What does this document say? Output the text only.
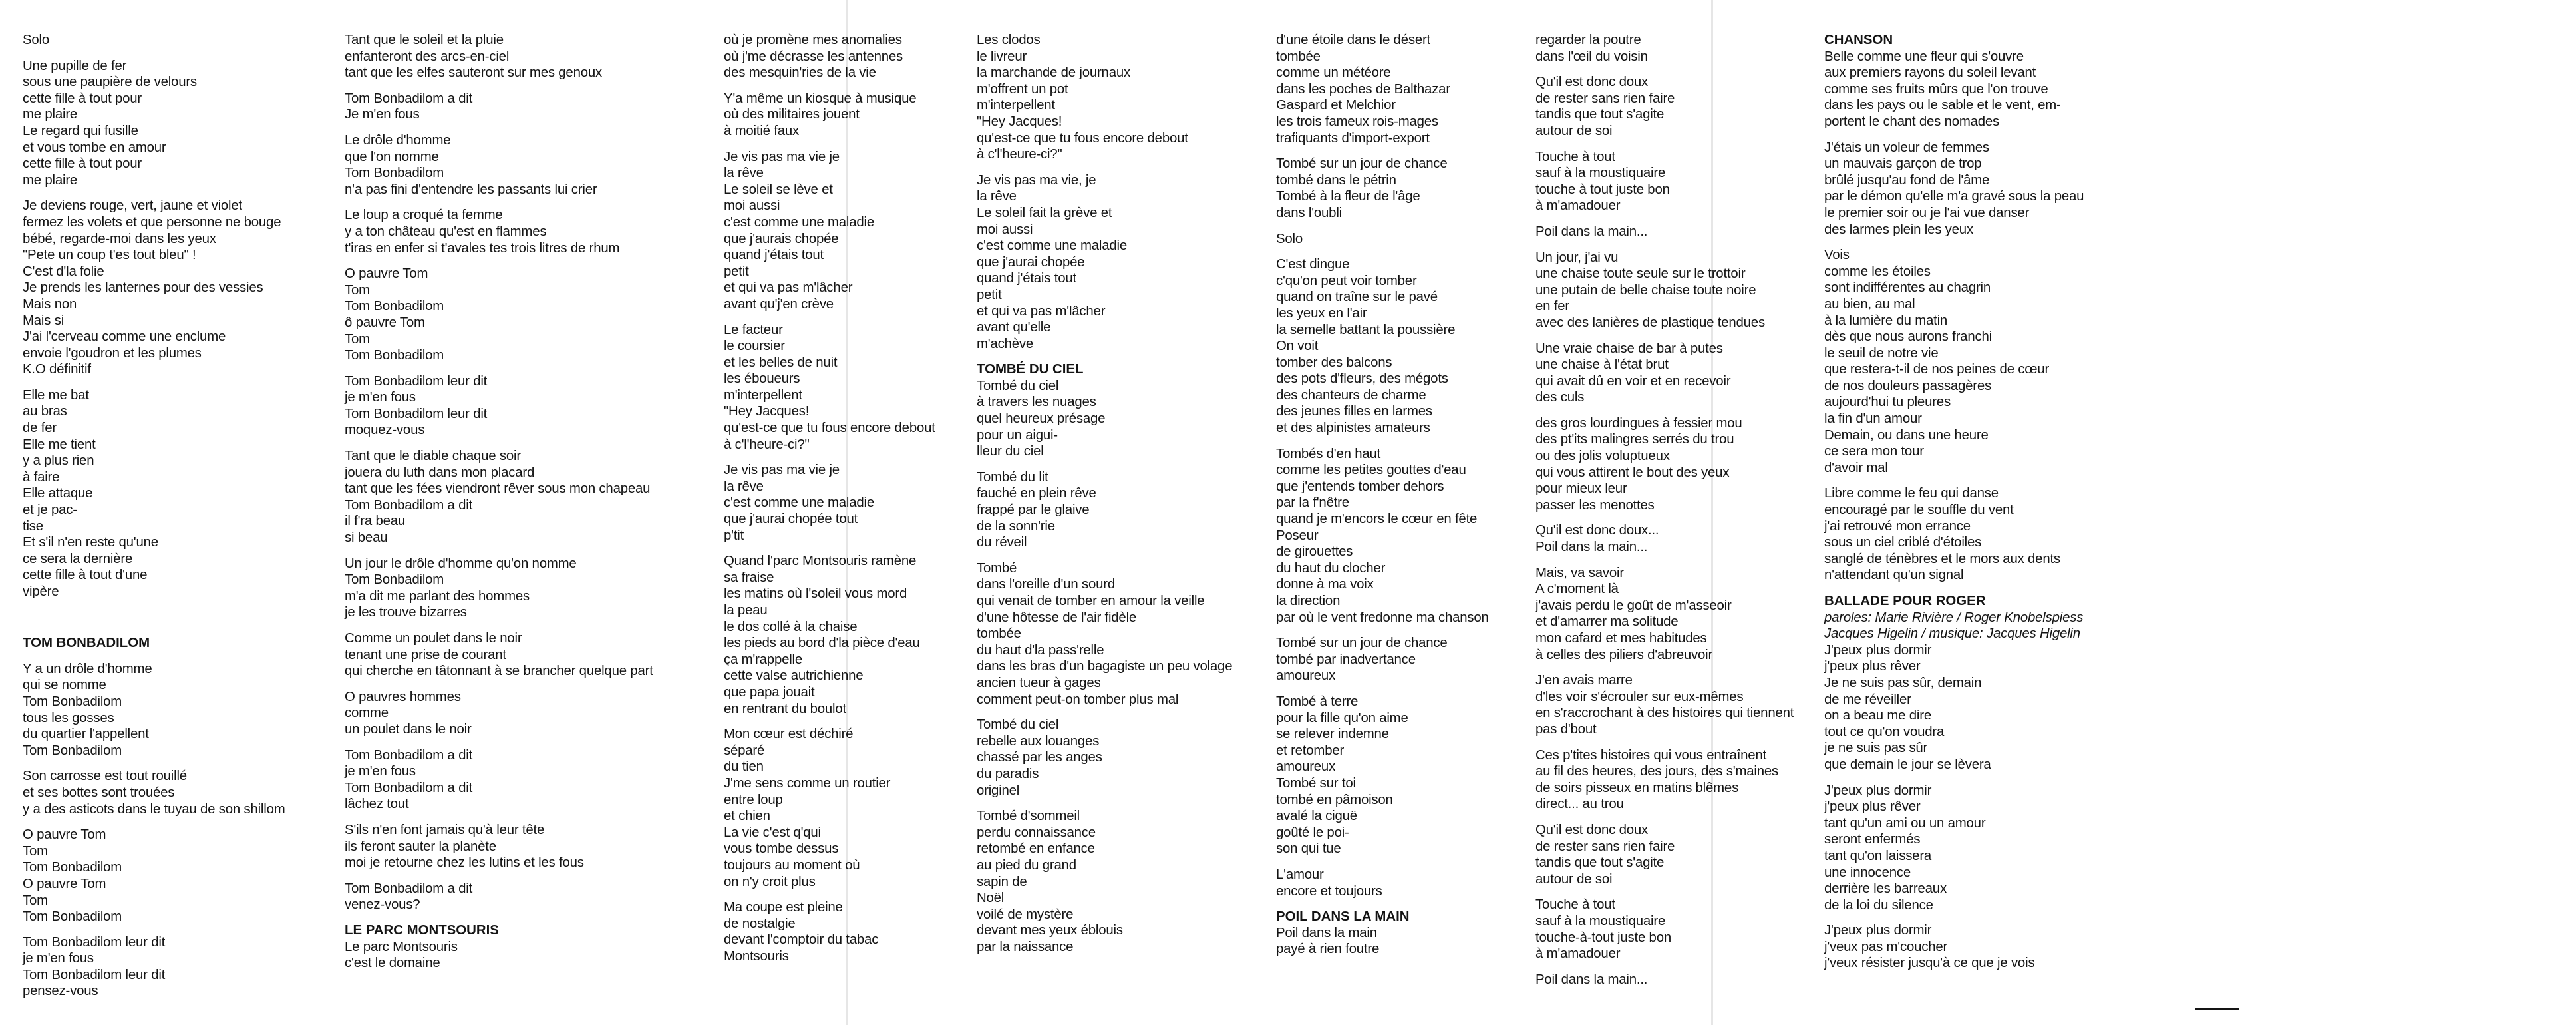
Solo
Une pupille de fer
sous une paupière de velours
cette fille à tout pour
me plaire
Le regard qui fusille
et vous tombe en amour
cette fille à tout pour
me plaire
Je deviens rouge, vert, jaune et violet
fermez les volets et que personne ne bouge
bébé, regarde-moi dans les yeux
"Pete un coup t'es tout bleu" !
C'est d'la folie
Je prends les lanternes pour des vessies
Mais non
Mais si
J'ai l'cerveau comme une enclume
envoie l'goudron et les plumes
K.O définitif
Elle me bat
au bras
de fer
Elle me tient
y a plus rien
à faire
Elle attaque
et je pac-
tise
Et s'il n'en reste qu'une
ce sera la dernière
cette fille à tout d'une
vipère
TOM BONBADILOM
Y a un drôle d'homme
qui se nomme
Tom Bonbadilom
tous les gosses
du quartier l'appellent
Tom Bonbadilom
Son carrosse est tout rouillé
et ses bottes sont trouées
y a des asticots dans le tuyau de son shillom
O pauvre Tom
Tom
Tom Bonbadilom
O pauvre Tom
Tom
Tom Bonbadilom
Tom Bonbadilom leur dit
je m'en fous
Tom Bonbadilom leur dit
pensez-vous
Tant que le soleil et la pluie
enfanteront des arcs-en-ciel
tant que les elfes sauteront sur mes genoux
Tom Bonbadilom a dit
Je m'en fous
Le drôle d'homme
que l'on nomme
Tom Bonbadilom
n'a pas fini d'entendre les passants lui crier
Le loup a croqué ta femme
y a ton château qu'est en flammes
t'iras en enfer si t'avales tes trois litres de rhum
O pauvre Tom
Tom
Tom Bonbadilom
ô pauvre Tom
Tom
Tom Bonbadilom
Tom Bonbadilom leur dit
je m'en fous
Tom Bonbadilom leur dit
moquez-vous
Tant que le diable chaque soir
jouera du luth dans mon placard
tant que les fées viendront rêver sous mon chapeau
Tom Bonbadilom a dit
il f'ra beau
si beau
Un jour le drôle d'homme qu'on nomme
Tom Bonbadilom
m'a dit me parlant des hommes
je les trouve bizarres
Comme un poulet dans le noir
tenant une prise de courant
qui cherche en tâtonnant à se brancher quelque part
O pauvres hommes
comme
un poulet dans le noir
Tom Bonbadilom a dit
je m'en fous
Tom Bonbadilom a dit
lâchez tout
S'ils n'en font jamais qu'à leur tête
ils feront sauter la planète
moi je retourne chez les lutins et les fous
Tom Bonbadilom a dit
venez-vous?
LE PARC MONTSOURIS
Le parc Montsouris
c'est le domaine
où je promène mes anomalies
où j'me décrasse les antennes
des mesquin'ries de la vie
Y'a même un kiosque à musique
où des militaires jouent
à moitié faux
Je vis pas ma vie je
la rêve
Le soleil se lève et
moi aussi
c'est comme une maladie
que j'aurais chopée
quand j'étais tout
petit
et qui va pas m'lâcher
avant qu'j'en crève
Le facteur
le coursier
et les belles de nuit
les éboueurs
m'interpellent
"Hey Jacques!
qu'est-ce que tu fous encore debout
à c'l'heure-ci?"
Je vis pas ma vie je
la rêve
c'est comme une maladie
que j'aurai chopée tout
p'tit
Quand l'parc Montsouris ramène
sa fraise
les matins où l'soleil vous mord
la peau
le dos collé à la chaise
les pieds au bord d'la pièce d'eau
ça m'rappelle
cette valse autrichienne
que papa jouait
en rentrant du boulot
Mon cœur est déchiré
séparé
du tien
J'me sens comme un routier
entre loup
et chien
La vie c'est q'qui
vous tombe dessus
toujours au moment où
on n'y croit plus
Ma coupe est pleine
de nostalgie
devant l'comptoir du tabac
Montsouris
Les clodos
le livreur
la marchande de journaux
m'offrent un pot
m'interpellent
"Hey Jacques!
qu'est-ce que tu fous encore debout
à c'l'heure-ci?"
Je vis pas ma vie, je
la rêve
Le soleil fait la grève et
moi aussi
c'est comme une maladie
que j'aurai chopée
quand j'étais tout
petit
et qui va pas m'lâcher
avant qu'elle
m'achève
TOMBÉ DU CIEL
Tombé du ciel
à travers les nuages
quel heureux présage
pour un aigui-
lleur du ciel
Tombé du lit
fauché en plein rêve
frappé par le glaive
de la sonn'rie
du réveil
Tombé
dans l'oreille d'un sourd
qui venait de tomber en amour la veille
d'une hôtesse de l'air fidèle
tombée
du haut d'la pass'relle
dans les bras d'un bagagiste un peu volage
ancien tueur à gages
comment peut-on tomber plus mal
Tombé du ciel
rebelle aux louanges
chassé par les anges
du paradis
originel
Tombé d'sommeil
perdu connaissance
retombé en enfance
au pied du grand
sapin de
Noël
voilé de mystère
devant mes yeux éblouis
par la naissance
d'une étoile dans le désert
tombée
comme un météore
dans les poches de Balthazar
Gaspard et Melchior
les trois fameux rois-mages
trafiquants d'import-export
Tombé sur un jour de chance
tombé dans le pétrin
Tombé à la fleur de l'âge
dans l'oubli
Solo
C'est dingue
c'qu'on peut voir tomber
quand on traîne sur le pavé
les yeux en l'air
la semelle battant la poussière
On voit
tomber des balcons
des pots d'fleurs, des mégots
des chanteurs de charme
des jeunes filles en larmes
et des alpinistes amateurs
Tombés d'en haut
comme les petites gouttes d'eau
que j'entends tomber dehors
par la f'nêtre
quand je m'encors le cœur en fête
Poseur
de girouettes
du haut du clocher
donne à ma voix
la direction
par où le vent fredonne ma chanson
Tombé sur un jour de chance
tombé par inadvertance
amoureux
Tombé à terre
pour la fille qu'on aime
se relever indemne
et retomber
amoureux
Tombé sur toi
tombé en pâmoison
avalé la ciguë
goûté le poi-
son qui tue
L'amour
encore et toujours
POIL DANS LA MAIN
Poil dans la main
payé à rien foutre
regarder la poutre
dans l'œil du voisin
Qu'il est donc doux
de rester sans rien faire
tandis que tout s'agite
autour de soi
Touche à tout
sauf à la moustiquaire
touche à tout juste bon
à m'amadouer
Poil dans la main...
Un jour, j'ai vu
une chaise toute seule sur le trottoir
une putain de belle chaise toute noire
en fer
avec des lanières de plastique tendues
Une vraie chaise de bar à putes
une chaise à l'état brut
qui avait dû en voir et en recevoir
des culs
des gros lourdingues à fessier mou
des pt'its malingres serrés du trou
ou des jolis voluptueux
qui vous attirent le bout des yeux
pour mieux leur
passer les menottes
Qu'il est donc doux...
Poil dans la main...
Mais, va savoir
A c'moment là
j'avais perdu le goût de m'asseoir
et d'amarrer ma solitude
mon cafard et mes habitudes
à celles des piliers d'abreuvoir
J'en avais marre
d'les voir s'écrouler sur eux-mêmes
en s'raccrochant à des histoires qui tiennent
pas d'bout
Ces p'tites histoires qui vous entraînent
au fil des heures, des jours, des s'maines
de soirs pisseux en matins blêmes
direct... au trou
Qu'il est donc doux
de rester sans rien faire
tandis que tout s'agite
autour de soi
Touche à tout
sauf à la moustiquaire
touche-à-tout juste bon
à m'amadouer
Poil dans la main...
CHANSON
Belle comme une fleur qui s'ouvre
aux premiers rayons du soleil levant
comme ses fruits mûrs que l'on trouve
dans les pays ou le sable et le vent, em-
portent le chant des nomades
J'étais un voleur de femmes
un mauvais garçon de trop
brûlé jusqu'au fond de l'âme
par le démon qu'elle m'a gravé sous la peau
le premier soir ou je l'ai vue danser
des larmes plein les yeux
Vois
comme les étoiles
sont indifférentes au chagrin
au bien, au mal
à la lumière du matin
dès que nous aurons franchi
le seuil de notre vie
que restera-t-il de nos peines de cœur
de nos douleurs passagères
aujourd'hui tu pleures
la fin d'un amour
Demain, ou dans une heure
ce sera mon tour
d'avoir mal
Libre comme le feu qui danse
encouragé par le souffle du vent
j'ai retrouvé mon errance
sous un ciel criblé d'étoiles
sanglé de ténèbres et le mors aux dents
n'attendant qu'un signal
BALLADE POUR ROGER
paroles: Marie Rivière / Roger Knobelspiess
Jacques Higelin / musique: Jacques Higelin
J'peux plus dormir
j'peux plus rêver
Je ne suis pas sûr, demain
de me réveiller
on a beau me dire
tout ce qu'on voudra
je ne suis pas sûr
que demain le jour se lèvera
J'peux plus dormir
j'peux plus rêver
tant qu'un ami ou un amour
seront enfermés
tant qu'on laissera
une innocence
derrière les barreaux
de la loi du silence
J'peux plus dormir
j'veux pas m'coucher
j'veux résister jusqu'à ce que je vois
